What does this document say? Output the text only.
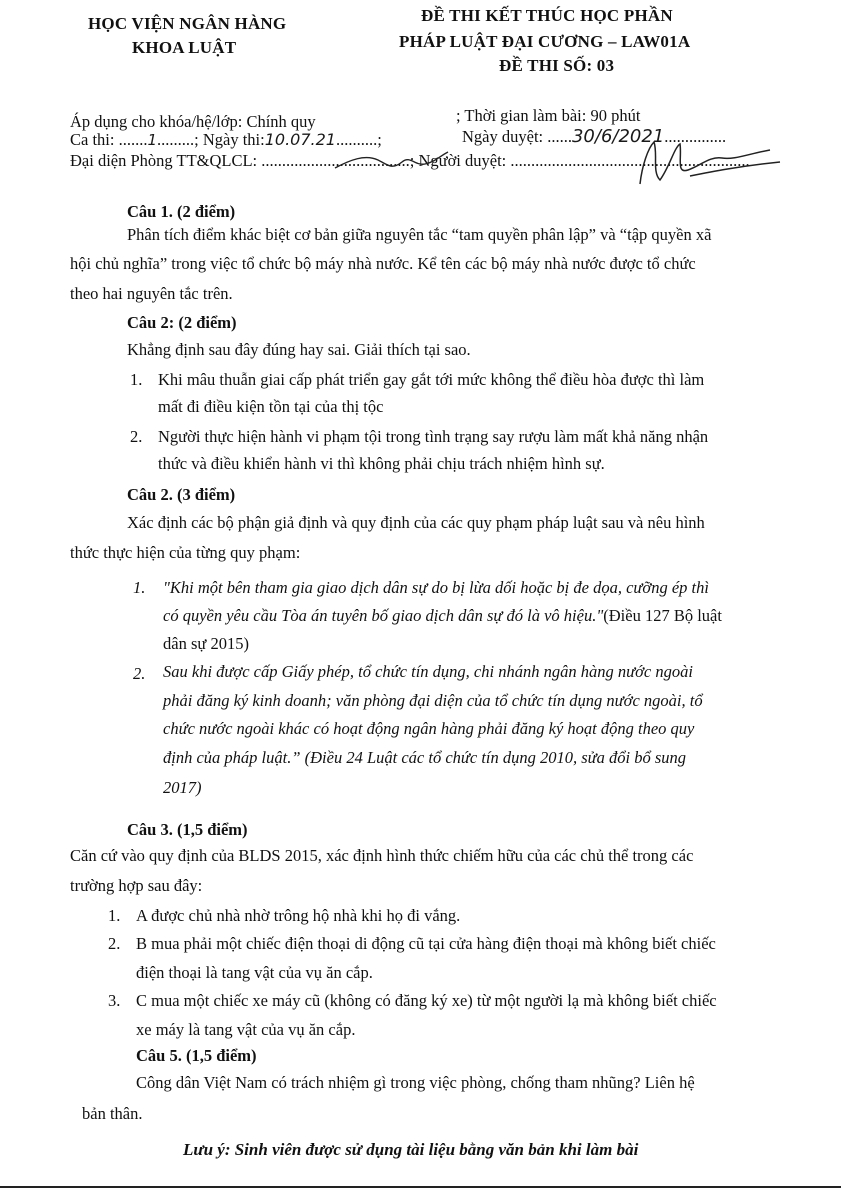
HỌC VIỆN NGÂN HÀNG
KHOA LUẬT
ĐỀ THI KẾT THÚC HỌC PHẦN
PHÁP LUẬT ĐẠI CƯƠNG – LAW01A
ĐỀ THI SỐ: 03
Áp dụng cho khóa/hệ/lớp: Chính quy	; Thời gian làm bài: 90 phút
Ca thi: .......1.........; Ngày thi:10.07.21..........;	Ngày duyệt: ......30/6/2021...............
Đại diện Phòng TT&QLCL: ....................................; Người duyệt: ..........................................................
Câu 1. (2 điểm)
Phân tích điểm khác biệt cơ bản giữa nguyên tắc “tam quyền phân lập” và “tập quyền xã
hội chủ nghĩa” trong việc tổ chức bộ máy nhà nước. Kể tên các bộ máy nhà nước được tổ chức
theo hai nguyên tắc trên.
Câu 2: (2 điểm)
Khẳng định sau đây đúng hay sai. Giải thích tại sao.
1. Khi mâu thuẫn giai cấp phát triển gay gắt tới mức không thể điều hòa được thì làm
mất đi điều kiện tồn tại của thị tộc
2. Người thực hiện hành vi phạm tội trong tình trạng say rượu làm mất khả năng nhận
thức và điều khiển hành vi thì không phải chịu trách nhiệm hình sự.
Câu 2. (3 điểm)
Xác định các bộ phận giả định và quy định của các quy phạm pháp luật sau và nêu hình
thức thực hiện của từng quy phạm:
1. "Khi một bên tham gia giao dịch dân sự do bị lừa dối hoặc bị đe dọa, cưỡng ép thì
có quyền yêu cầu Tòa án tuyên bố giao dịch dân sự đó là vô hiệu."(Điều 127 Bộ luật
dân sự 2015)
2. Sau khi được cấp Giấy phép, tổ chức tín dụng, chi nhánh ngân hàng nước ngoài
phải đăng ký kinh doanh; văn phòng đại diện của tổ chức tín dụng nước ngoài, tổ
chức nước ngoài khác có hoạt động ngân hàng phải đăng ký hoạt động theo quy
định của pháp luật.” (Điều 24 Luật các tổ chức tín dụng 2010, sửa đổi bổ sung
2017)
Câu 3. (1,5 điểm)
Căn cứ vào quy định của BLDS 2015, xác định hình thức chiếm hữu của các chủ thể trong các
trường hợp sau đây:
1. A được chủ nhà nhờ trông hộ nhà khi họ đi vắng.
2. B mua phải một chiếc điện thoại di động cũ tại cửa hàng điện thoại mà không biết chiếc
điện thoại là tang vật của vụ ăn cắp.
3. C mua một chiếc xe máy cũ (không có đăng ký xe) từ một người lạ mà không biết chiếc
xe máy là tang vật của vụ ăn cắp.
Câu 5. (1,5 điểm)
Công dân Việt Nam có trách nhiệm gì trong việc phòng, chống tham nhũng? Liên hệ
bản thân.
Lưu ý: Sinh viên được sử dụng tài liệu bằng văn bản khi làm bài
